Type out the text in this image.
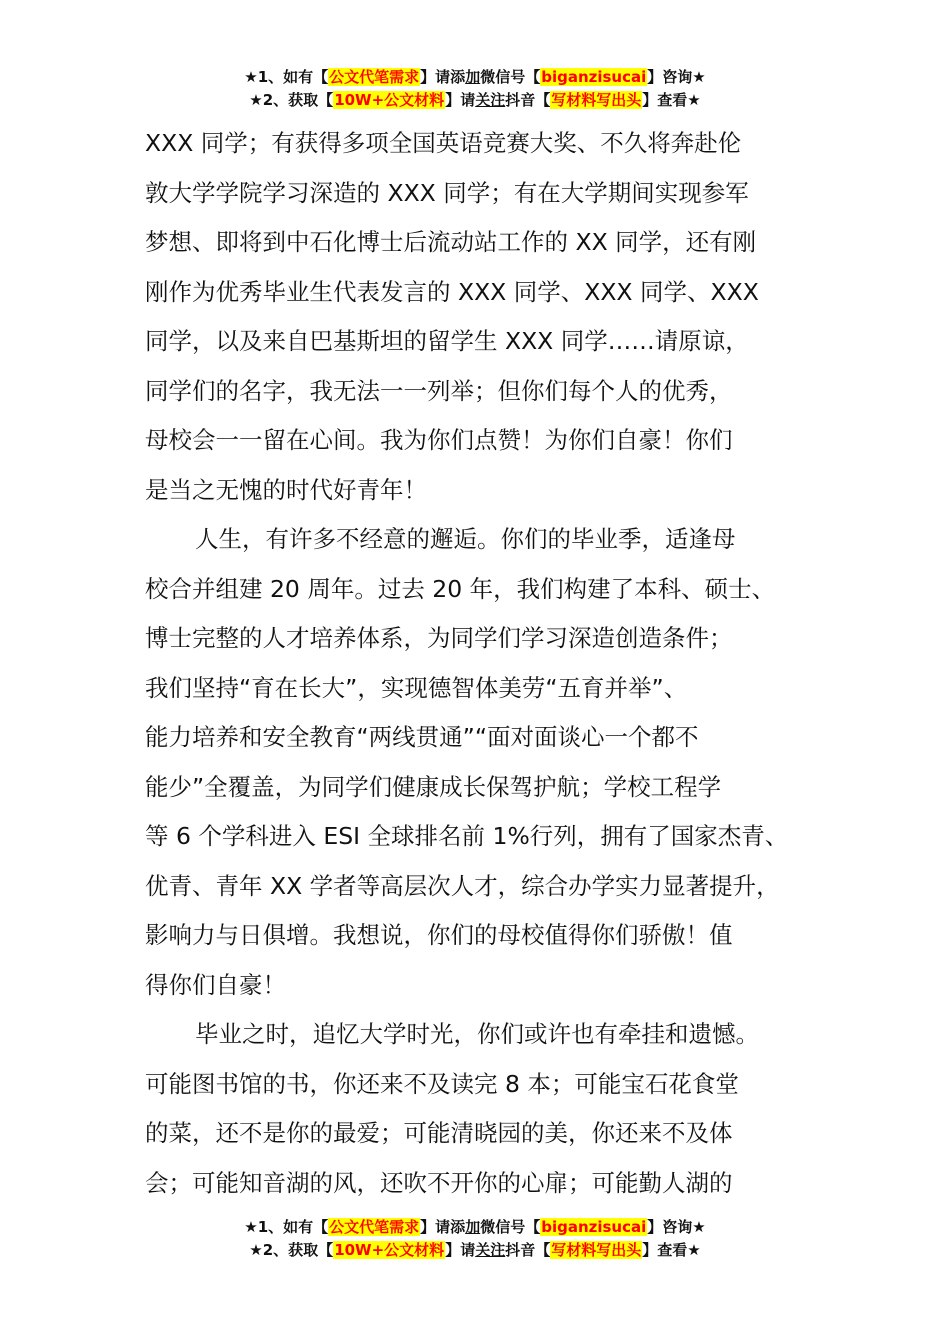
★1、如有【公文代笔需求】请添加微信号【biganzisucai】咨询★
★2、获取【10W+公文材料】请关注抖音【写材料写出头】查看★
XXX 同学；有获得多项全国英语竞赛大奖、不久将奔赴伦
敦大学学院学习深造的 XXX 同学；有在大学期间实现参军
梦想、即将到中石化博士后流动站工作的 XX 同学，还有刚
刚作为优秀毕业生代表发言的 XXX 同学、XXX 同学、XXX
同学，以及来自巴基斯坦的留学生 XXX 同学……请原谅，
同学们的名字，我无法一一列举；但你们每个人的优秀，
母校会一一留在心间。我为你们点赞！为你们自豪！你们
是当之无愧的时代好青年！
人生，有许多不经意的邂逅。你们的毕业季，适逢母
校合并组建 20 周年。过去 20 年，我们构建了本科、硕士、
博士完整的人才培养体系，为同学们学习深造创造条件；
我们坚持“育在长大”，实现德智体美劳“五育并举”、
能力培养和安全教育“两线贯通”“面对面谈心一个都不
能少”全覆盖，为同学们健康成长保驾护航；学校工程学
等 6 个学科进入 ESI 全球排名前 1%行列，拥有了国家杰青、
优青、青年 XX 学者等高层次人才，综合办学实力显著提升，
影响力与日俱增。我想说，你们的母校值得你们骄傲！值
得你们自豪！
毕业之时，追忆大学时光，你们或许也有牵挂和遗憾。
可能图书馆的书，你还来不及读完 8 本；可能宝石花食堂
的菜，还不是你的最爱；可能清晓园的美，你还来不及体
会；可能知音湖的风，还吹不开你的心扉；可能勤人湖的
★1、如有【公文代笔需求】请添加微信号【biganzisucai】咨询★
★2、获取【10W+公文材料】请关注抖音【写材料写出头】查看★
